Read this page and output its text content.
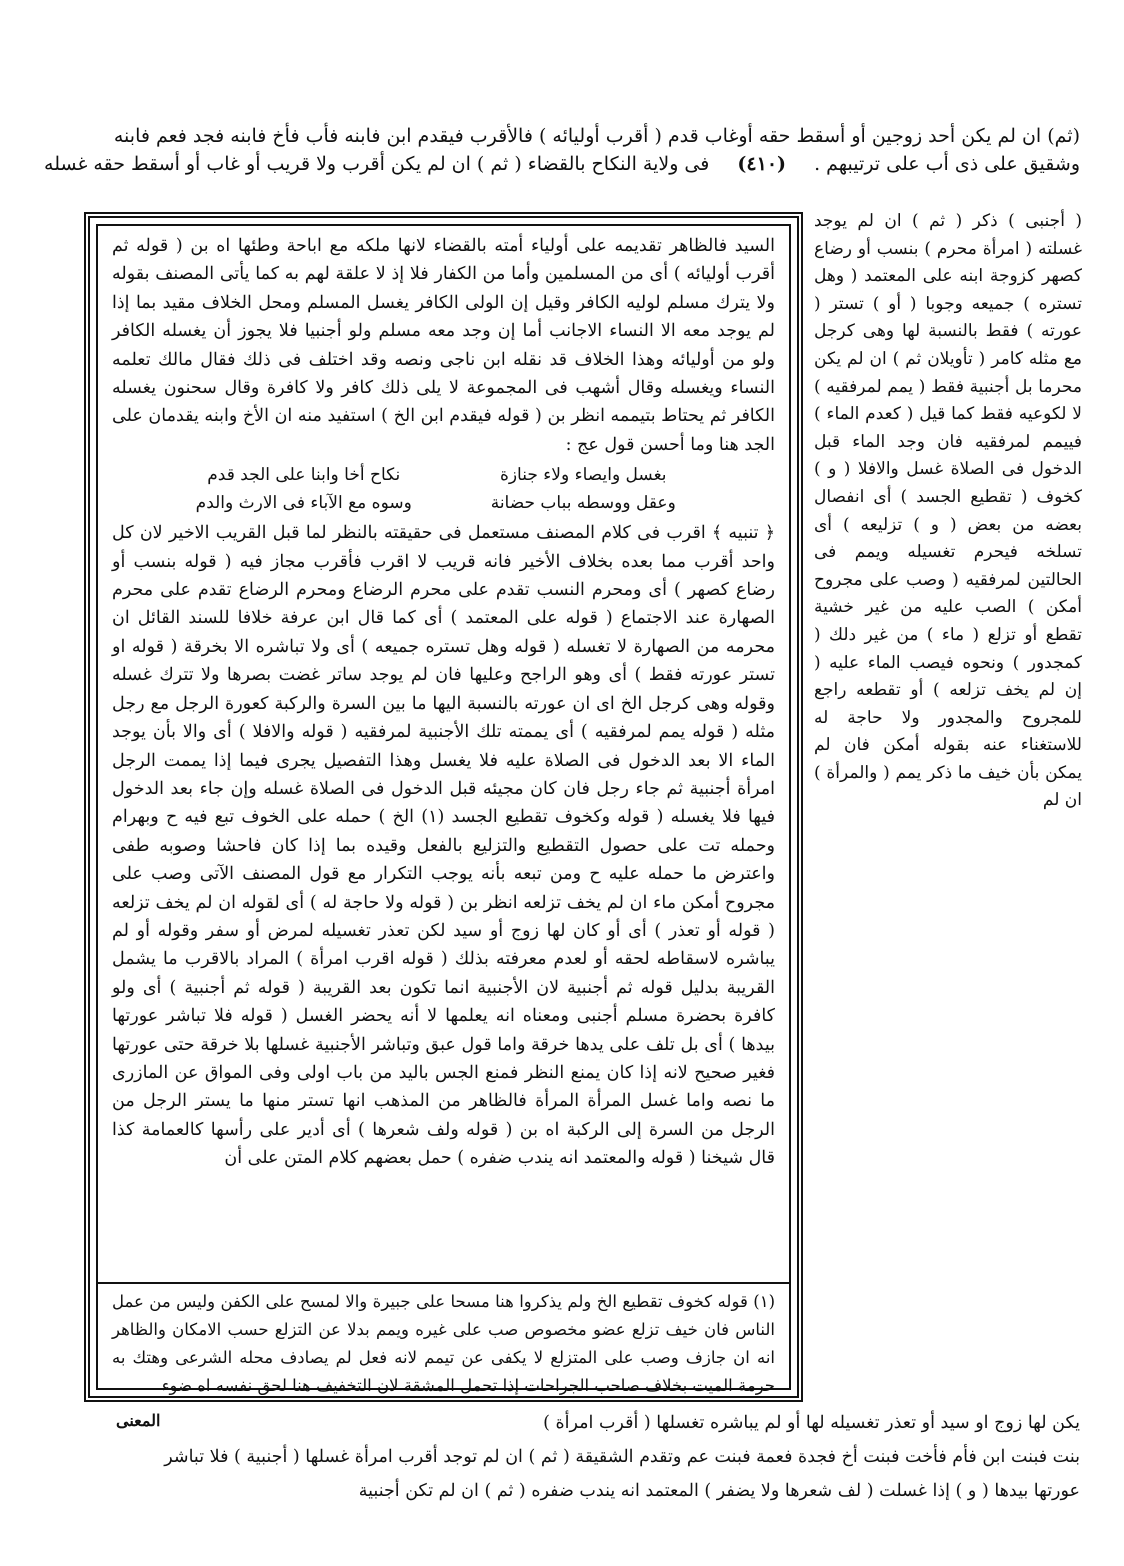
(ثم) ان لم يكن أحد زوجين أو أسقط حقه أوغاب قدم ( أقرب أوليائه ) فالأقرب فيقدم ابن فابنه فأب فأخ فابنه فجد فعم فابنه

وشقيق على ذى أب على ترتيبهم .
(٤١٠)
فى ولاية النكاح بالقضاء ( ثم ) ان لم يكن أقرب ولا قريب أو غاب أو أسقط حقه غسله

( أجنبى ) ذكر ( ثم ) ان لم يوجد غسلته ( امرأة محرم ) بنسب أو رضاع كصهر كزوجة ابنه على المعتمد ( وهل تستره ) جميعه وجوبا ( أو ) تستر ( عورته ) فقط بالنسبة لها وهى كرجل مع مثله كامر ( تأويلان ثم ) ان لم يكن محرما بل أجنبية فقط ( يمم لمرفقيه ) لا لكوعيه فقط كما قيل ( كعدم الماء ) فييمم لمرفقيه فان وجد الماء قبل الدخول فى الصلاة غسل والافلا ( و ) كخوف ( تقطيع الجسد ) أى انفصال بعضه من بعض ( و ) تزليعه ) أى تسلخه فيحرم تغسيله ويمم فى الحالتين لمرفقيه ( وصب على مجروح أمكن ) الصب عليه من غير خشية تقطع أو تزلع ( ماء ) من غير دلك ( كمجدور ) ونحوه فيصب الماء عليه ( إن لم يخف تزلعه ) أو تقطعه راجع للمجروح والمجدور ولا حاجة له للاستغناء عنه بقوله أمكن فان لم يمكن بأن خيف ما ذكر يمم ( والمرأة ) ان لم

السيد فالظاهر تقديمه على أولياء أمته بالقضاء لانها ملكه مع اباحة وطئها اه بن ( قوله ثم أقرب أوليائه ) أى من المسلمين وأما من الكفار فلا إذ لا علقة لهم به كما يأتى المصنف بقوله ولا يترك مسلم لوليه الكافر وقيل إن الولى الكافر يغسل المسلم ومحل الخلاف مقيد بما إذا لم يوجد معه الا النساء الاجانب أما إن وجد معه مسلم ولو أجنبيا فلا يجوز أن يغسله الكافر ولو من أوليائه وهذا الخلاف قد نقله ابن ناجى ونصه وقد اختلف فى ذلك فقال مالك تعلمه النساء ويغسله وقال أشهب فى المجموعة لا يلى ذلك كافر ولا كافرة وقال سحنون يغسله الكافر ثم يحتاط بتيممه انظر بن ( قوله فيقدم ابن الخ ) استفيد منه ان الأخ وابنه يقدمان على الجد هنا وما أحسن قول عج :

بغسل وايصاء ولاء جنازة
نكاح أخا وابنا على الجد قدم
وعقل ووسطه بباب حضانة
وسوه مع الآباء فى الارث والدم

﴿ تنبيه ﴾ اقرب فى كلام المصنف مستعمل فى حقيقته بالنظر لما قبل القريب الاخير لان كل واحد أقرب مما بعده بخلاف الأخير فانه قريب لا اقرب فأقرب مجاز فيه ( قوله بنسب أو رضاع كصهر ) أى ومحرم النسب تقدم على محرم الرضاع ومحرم الرضاع تقدم على محرم الصهارة عند الاجتماع ( قوله على المعتمد ) أى كما قال ابن عرفة خلافا للسند القائل ان محرمه من الصهارة لا تغسله ( قوله وهل تستره جميعه ) أى ولا تباشره الا بخرقة ( قوله او تستر عورته فقط ) أى وهو الراجح وعليها فان لم يوجد ساتر غضت بصرها ولا تترك غسله وقوله وهى كرجل الخ اى ان عورته بالنسبة اليها ما بين السرة والركبة كعورة الرجل مع رجل مثله ( قوله يمم لمرفقيه ) أى يممته تلك الأجنبية لمرفقيه ( قوله والافلا ) أى والا بأن يوجد الماء الا بعد الدخول فى الصلاة عليه فلا يغسل وهذا التفصيل يجرى فيما إذا يممت الرجل امرأة أجنبية ثم جاء رجل فان كان مجيئه قبل الدخول فى الصلاة غسله وإن جاء بعد الدخول فيها فلا يغسله ( قوله وكخوف تقطيع الجسد (١) الخ ) حمله على الخوف تبع فيه ح وبهرام وحمله تت على حصول التقطيع والتزليع بالفعل وقيده بما إذا كان فاحشا وصوبه طفى واعترض ما حمله عليه ح ومن تبعه بأنه يوجب التكرار مع قول المصنف الآتى وصب على مجروح أمكن ماء ان لم يخف تزلعه انظر بن ( قوله ولا حاجة له ) أى لقوله ان لم يخف تزلعه ( قوله أو تعذر ) أى أو كان لها زوج أو سيد لكن تعذر تغسيله لمرض أو سفر وقوله أو لم يباشره لاسقاطه لحقه أو لعدم معرفته بذلك ( قوله اقرب امرأة ) المراد بالاقرب ما يشمل القريبة بدليل قوله ثم أجنبية لان الأجنبية انما تكون بعد القريبة ( قوله ثم أجنبية ) أى ولو كافرة بحضرة مسلم أجنبى ومعناه انه يعلمها لا أنه يحضر الغسل ( قوله فلا تباشر عورتها بيدها ) أى بل تلف على يدها خرقة واما قول عبق وتباشر الأجنبية غسلها بلا خرقة حتى عورتها فغير صحيح لانه إذا كان يمنع النظر فمنع الجس باليد من باب اولى وفى المواق عن المازرى ما نصه واما غسل المرأة المرأة فالظاهر من المذهب انها تستر منها ما يستر الرجل من الرجل من السرة إلى الركبة اه بن ( قوله ولف شعرها ) أى أدير على رأسها كالعمامة كذا قال شيخنا ( قوله والمعتمد انه يندب ضفره ) حمل بعضهم كلام المتن على أن

(١) قوله كخوف تقطيع الخ ولم يذكروا هنا مسحا على جبيرة والا لمسح على الكفن وليس من عمل الناس فان خيف تزلع عضو مخصوص صب على غيره ويمم بدلا عن التزلع حسب الامكان والظاهر انه ان جازف وصب على المتزلع لا يكفى عن تيمم لانه فعل لم يصادف محله الشرعى وهتك به حرمة الميت بخلاف صاحب الجراحات إذا تحمل المشقة لان التخفيف هنا لحق نفسه اه ضوء

المعنى	يكن لها زوج او سيد أو تعذر تغسيله لها أو لم يباشره تغسلها ( أقرب امرأة )

بنت فبنت ابن فأم فأخت فبنت أخ فجدة فعمة فبنت عم وتقدم الشقيقة ( ثم ) ان لم توجد أقرب امرأة غسلها ( أجنبية ) فلا تباشر

عورتها بيدها ( و ) إذا غسلت ( لف شعرها ولا يضفر ) المعتمد انه يندب ضفره ( ثم ) ان لم تكن أجنبية
